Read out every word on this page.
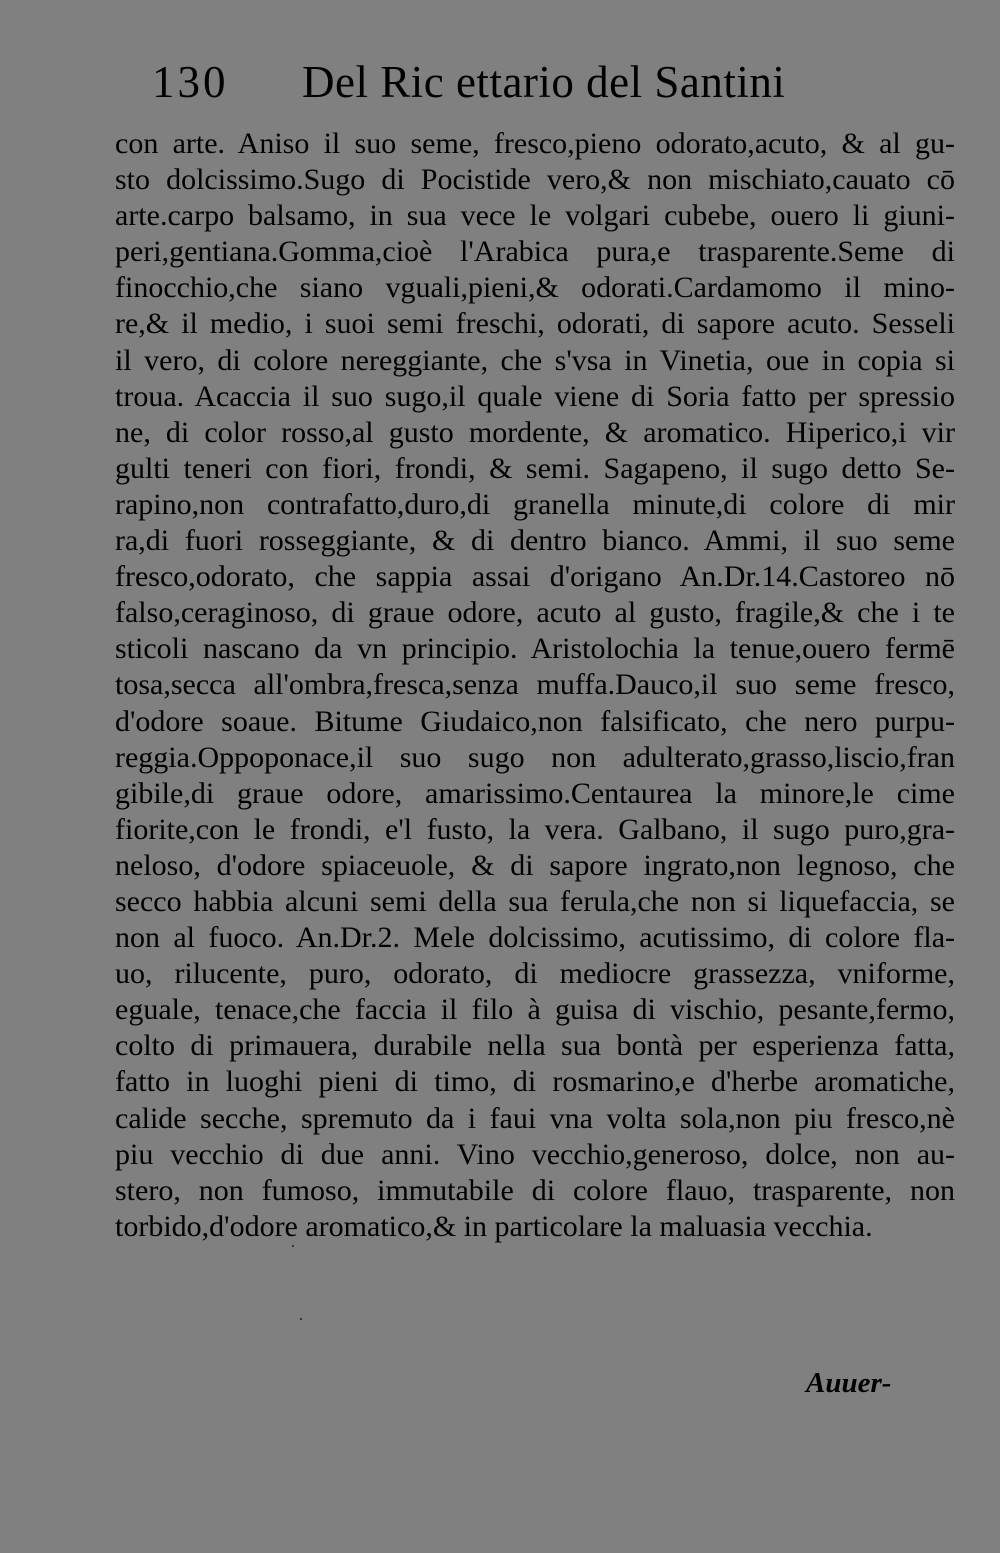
130 Del Ric ettario del Santini
con arte. Aniso il suo seme, fresco,pieno odorato,acuto, & al gu-
sto dolcissimo.Sugo di Pocistide vero,& non mischiato,cauato cō
arte.carpo balsamo, in sua vece le volgari cubebe, ouero li giuni-
peri,gentiana.Gomma,cioè l'Arabica pura,e trasparente.Seme di
finocchio,che siano vguali,pieni,& odorati.Cardamomo il mino-
re,& il medio, i suoi semi freschi, odorati, di sapore acuto. Sesseli
il vero, di colore nereggiante, che s'vsa in Vinetia, oue in copia si
troua. Acaccia il suo sugo,il quale viene di Soria fatto per spressio
ne, di color rosso,al gusto mordente, & aromatico. Hiperico,i vir
gulti teneri con fiori, frondi, & semi. Sagapeno, il sugo detto Se-
rapino,non contrafatto,duro,di granella minute,di colore di mir
ra,di fuori rosseggiante, & di dentro bianco. Ammi, il suo seme
fresco,odorato, che sappia assai d'origano An.Dr.14.Castoreo nō
falso,ceraginoso, di graue odore, acuto al gusto, fragile,& che i te
sticoli nascano da vn principio. Aristolochia la tenue,ouero fermē
tosa,secca all'ombra,fresca,senza muffa.Dauco,il suo seme fresco,
d'odore soaue. Bitume Giudaico,non falsificato, che nero purpu-
reggia.Oppoponace,il suo sugo non adulterato,grasso,liscio,fran
gibile,di graue odore, amarissimo.Centaurea la minore,le cime
fiorite,con le frondi, e'l fusto, la vera. Galbano, il sugo puro,gra-
neloso, d'odore spiaceuole, & di sapore ingrato,non legnoso, che
secco habbia alcuni semi della sua ferula,che non si liquefaccia, se
non al fuoco. An.Dr.2. Mele dolcissimo, acutissimo, di colore fla-
uo, rilucente, puro, odorato, di mediocre grassezza, vniforme,
eguale, tenace,che faccia il filo à guisa di vischio, pesante,fermo,
colto di primauera, durabile nella sua bontà per esperienza fatta,
fatto in luoghi pieni di timo, di rosmarino,e d'herbe aromatiche,
calide secche, spremuto da i faui vna volta sola,non piu fresco,nè
piu vecchio di due anni. Vino vecchio,generoso, dolce, non au-
stero, non fumoso, immutabile di colore flauo, trasparente, non
torbido,d'odore aromatico,& in particolare la maluasia vecchia.
Auuer-
